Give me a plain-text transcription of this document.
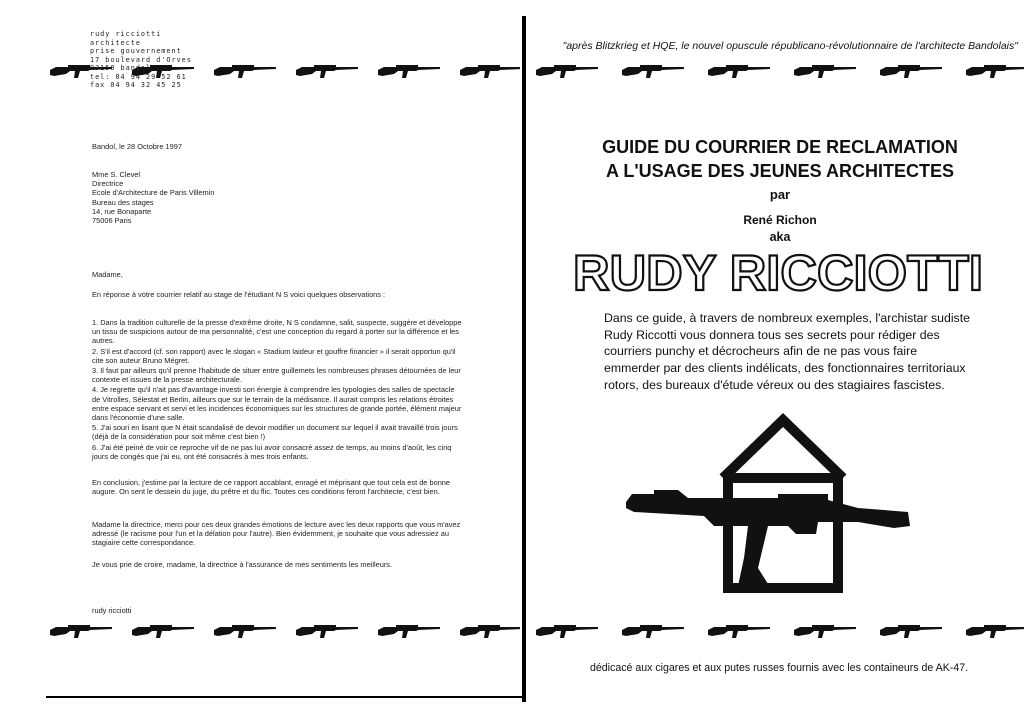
rudy ricciotti
architecte
prise gouvernement
17 boulevard d'Orves
83150 bandol
tel: 04 94 29 52 61
fax 04 94 32 45 25
Bandol, le 28 Octobre 1997
Mme S. Clevel
Directrice
Ecole d'Architecture de Paris Villemin
Bureau des stages
14, rue Bonaparte
75006 Paris
Madame,
En réponse à votre courrier relatif au stage de l'étudiant N S voici quelques observations :
1. Dans la tradition culturelle de la presse d'extrême droite, N S condamne, salit, suspecte, suggère et développe un tissu de suspicions autour de ma personnalité, c'est une conception du regard à porter sur la différence et les autres.
2. S'il est d'accord (cf. son rapport) avec le slogan « Stadium laideur et gouffre financier » il serait opportun qu'il cite son auteur Bruno Mégret.
3. Il faut par ailleurs qu'il prenne l'habitude de situer entre guillemets les nombreuses phrases détournées de leur contexte et issues de la presse architecturale.
4. Je regrette qu'il n'ait pas d'avantage investi son énergie à comprendre les typologies des salles de spectacle de Vitrolles, Sélestat et Berlin, ailleurs que sur le terrain de la médisance. Il aurait compris les relations étroites entre espace servant et servi et les incidences économiques sur les structures de grande portée, élément majeur dans l'économie d'une salle.
5. J'ai souri en lisant que N était scandalisé de devoir modifier un document sur lequel il avait travaillé trois jours (déjà de la considération pour soit même c'est bien !)
6. J'ai été peiné de voir ce reproche vif de ne pas lui avoir consacré assez de temps, au moins d'août, les cinq jours de congés que j'ai eu, ont été consacrés à mes trois enfants.
En conclusion, j'estime par la lecture de ce rapport accablant, enragé et méprisant que tout cela est de bonne augure. On sent le dessein du juge, du prêtre et du flic. Toutes ces conditions feront l'architecte, c'est bien.
Madame la directrice, merci pour ces deux grandes émotions de lecture avec les deux rapports que vous m'avez adressé (le racisme pour l'un et la délation pour l'autre). Bien évidemment, je souhaite que vous adressiez au stagiaire cette correspondance.
Je vous prie de croire, madame, la directrice à l'assurance de mes sentiments les meilleurs.
rudy ricciotti
"après Blitzkrieg et HQE, le nouvel opuscule républicano-révolutionnaire de l'architecte Bandolais"
GUIDE DU COURRIER DE RECLAMATION
A L'USAGE DES JEUNES ARCHITECTES
par
René Richon
aka
RUDY RICCIOTTI
Dans ce guide, à travers de nombreux exemples, l'archistar sudiste Rudy Riccotti vous donnera tous ses secrets pour rédiger des courriers punchy et décrocheurs afin de ne pas vous faire emmerder par des clients indélicats, des fonctionnaires territoriaux rotors, des bureaux d'étude véreux ou des stagiaires fascistes.
dédicacé aux cigares et aux putes russes fournis avec les containeurs de AK-47.
